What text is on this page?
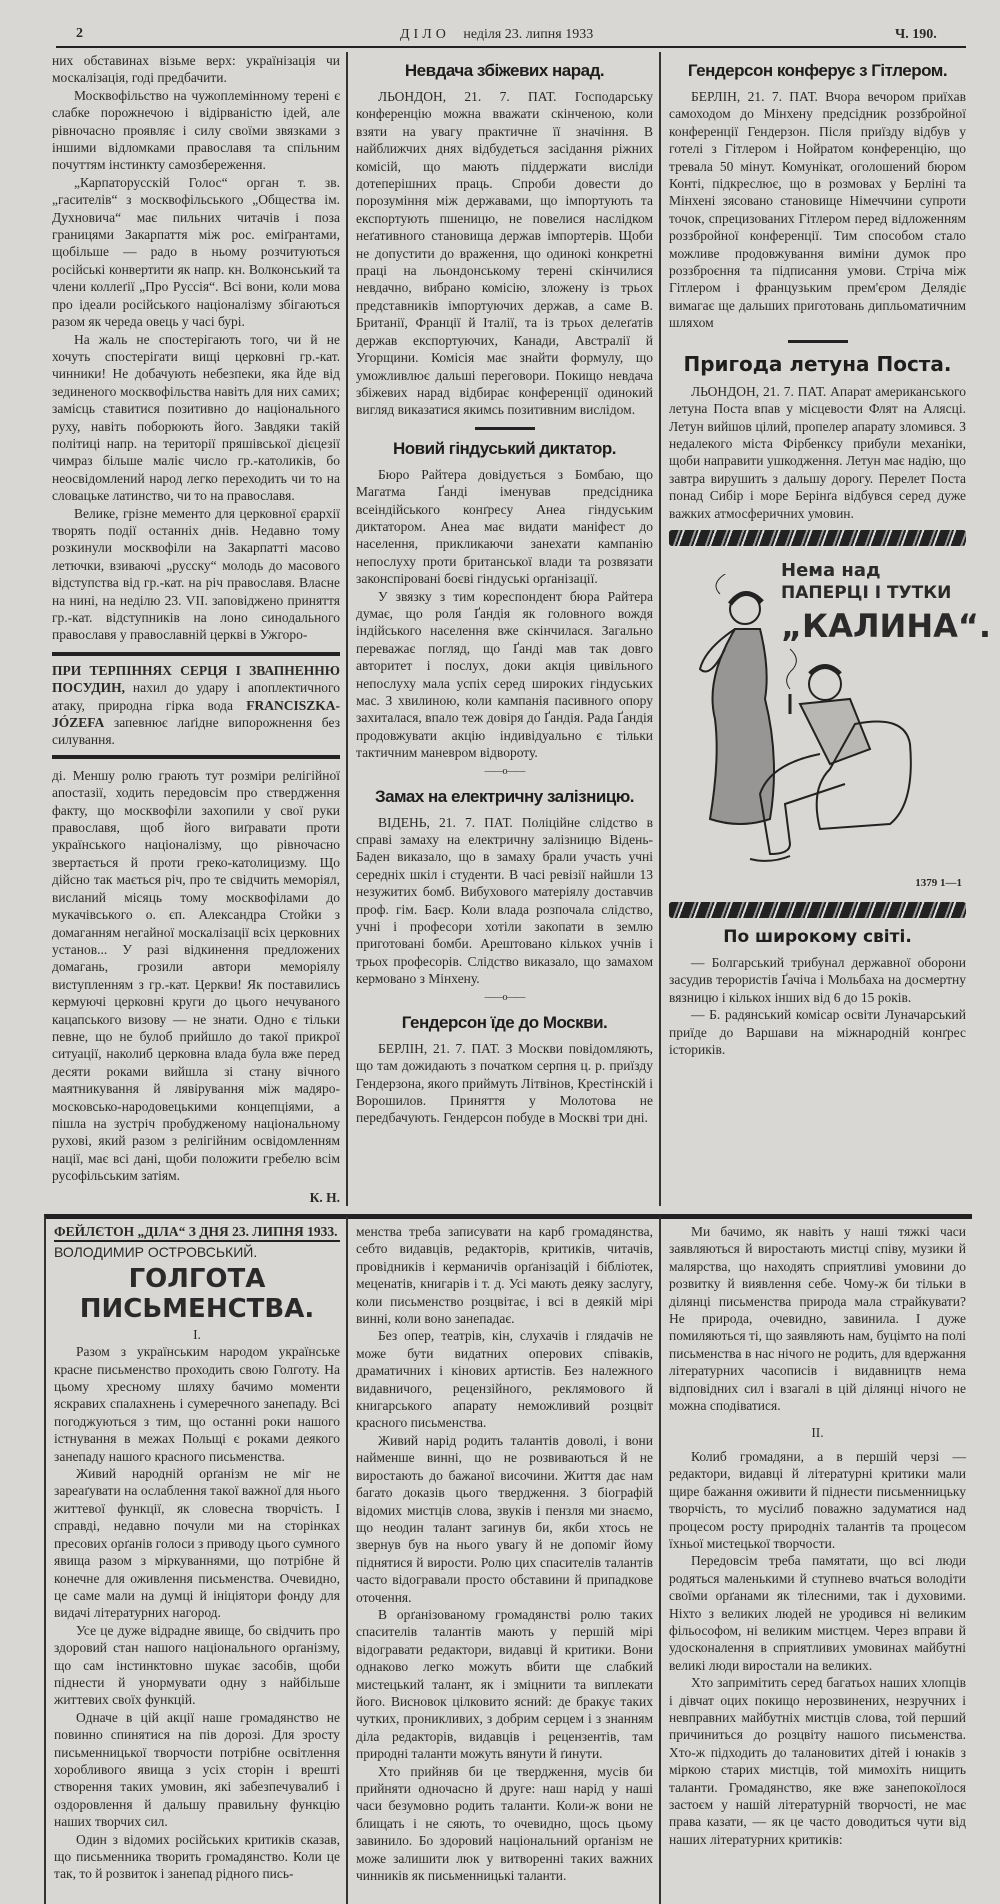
2	ДІЛО неділя 23. липня 1933	Ч. 190.

них обставинах візьме верх: українізація чи москалізація, годі предбачити.

Москвофільство на чужоплемінному терені є слабке порожнечою і відірваністю ідей, але рівночасно проявляє і силу своїми звязками з іншими відломками православя та спільним почуттям інстинкту самозбереження.

„Карпаторусскій Голос“ орган т. зв. „гасителів“ з москвофільського „Общества ім. Духновича“ має пильних читачів і поза границями Закарпаття між рос. еміґрантами, щобільше — радо в ньому розчитуються російські конвертити як напр. кн. Волконський та члени коллеґії „Про Руссія“. Всі вони, коли мова про ідеали російського націоналізму збігаються разом як череда овець у часі бурі.

На жаль не спостерігають того, чи й не хочуть спостерігати вищі церковні гр.-кат. чинники! Не добачують небезпеки, яка йде від зединеного москвофільства навіть для них самих; замісць ставитися позитивно до національного руху, навіть поборюють його. Завдяки такій політиці напр. на території пряшівської дієцезії чимраз більше маліє число гр.-католиків, бо неосвідомлений народ легко переходить чи то на словацьке латинство, чи то на православя.

Велике, грізне мементо для церковної єрархії творять події останніх днів. Недавно тому розкинули москвофіли на Закарпатті масово летючки, взиваючі „русску“ молодь до масового відступства від гр.-кат. на річ православя. Власне на нині, на неділю 23. VII. заповіджено приняття гр.-кат. відступників на лоно синодального православя у православній церкві в Ужгоро-

ПРИ ТЕРПІННЯХ СЕРЦЯ І ЗВАПНЕННЮ ПОСУДИН, нахил до удару і апоплектичного атаку, природна гірка вода FRANCISZKA-JÓZEFA запевнює лаґідне випорожнення без силування.

ді. Меншу ролю грають тут розміри релігійної апостазії, ходить передовсім про ствердження факту, що москвофіли захопили у свої руки православя, щоб його виґравати проти українського націоналізму, що рівночасно звертається й проти греко-католицизму. Що дійсно так мається річ, про те свідчить меморіял, висланий місяць тому москвофілами до мукачівського о. єп. Александра Стойки з домаганням негайної москалізації всіх церковних установ... У разі відкинення предложених домагань, грозили автори меморіялу виступленням з гр.-кат. Церкви! Як поставились кермуючі церковні круги до цього нечуваного кацапського визову — не знати. Одно є тільки певне, що не булоб прийшло до такої прикрої ситуації, наколиб церковна влада була вже перед десяти роками вийшла зі стану вічного маятникування й лявірування між мадяро-московсько-народовецькими концепціями, а пішла на зустріч пробудженому національному рухові, який разом з релігійним освідомленням нації, має всі дані, щоби положити гребелю всім русофільським затіям.

К. Н.
Невдача збіжевих нарад.

ЛЬОНДОН, 21. 7. ПАТ. Господарську конференцію можна вважати скінченою, коли взяти на увагу практичне її значіння. В найближчих днях відбудеться засідання ріжних комісій, що мають піддержати висліди дотеперішних праць. Спроби довести до порозуміння між державами, що імпортують та експортують пшеницю, не повелися наслідком неґативного становища держав імпортерів. Щоби не допустити до враження, що одинокі конкретні праці на льондонському терені скінчилися невдачно, вибрано комісію, зложену із трьох представників імпортуючих держав, а саме В. Британії, Франції й Італії, та із трьох делеґатів держав експортуючих, Канади, Австралії й Угорщини. Комісія має знайти формулу, що уможливлює дальші переговори. Покищо невдача збіжевих нарад відбирає конференції одинокий вигляд виказатися якимсь позитивним вислідом.

Новий гіндуський диктатор.

Бюро Райтера довідується з Бомбаю, що Магатма Ґанді іменував предсідника всеіндійського конґресу Анеа гіндуським диктатором. Анеа має видати маніфест до населення, прикликаючи занехати кампанію непослуху проти британської влади та розвязати законспіровані боєві гіндуські орґанізації.

У звязку з тим кореспондент бюра Райтера думає, що роля Ґандія як головного вождя індійського населення вже скінчилася. Загально переважає погляд, що Ґанді мав так довго авторитет і послух, доки акція цивільного непослуху мала успіх серед широких гіндуських мас. З хвилиною, коли кампанія пасивного опору захиталася, впало теж довіря до Ґандія. Рада Ґандія продовжувати акцію індивідуально є тільки тактичним маневром відвороту.

——o——
Замах на електричну залізницю.

ВІДЕНЬ, 21. 7. ПАТ. Поліційне слідство в справі замаху на електричну залізницю Відень-Баден виказало, що в замаху брали участь учні середніх шкіл і студенти. В часі ревізії найшли 13 незужитих бомб. Вибухового матеріялу доставчив проф. гім. Баєр. Коли влада розпочала слідство, учні і професори хотіли закопати в землю приготовані бомби. Арештовано кількох учнів і трьох професорів. Слідство виказало, що замахом кермовано з Мінхену.

——o——
Гендерсон їде до Москви.

БЕРЛІН, 21. 7. ПАТ. З Москви повідомляють, що там дожидають з початком серпня ц. р. приїзду Гендерзона, якого приймуть Літвінов, Крестінскій і Ворошилов. Приняття у Молотова не передбачують. Гендерсон побуде в Москві три дні.

Гендерсон конферує з Гітлером.

БЕРЛІН, 21. 7. ПАТ. Вчора вечором приїхав самоходом до Мінхену предсідник роззбройної конференції Гендерзон. Після приїзду відбув у готелі з Гітлером і Нойратом конференцію, що тревала 50 мінут. Комунікат, оголошений бюром Конті, підкреслює, що в розмовах у Берліні та Мінхені зясовано становище Німеччини супроти точок, спрецизованих Гітлером перед відложенням роззбройної конференції. Тим способом стало можливе продовжування виміни думок про роззброєння та підписання умови. Стріча між Гітлером і французьким прем'єром Делядіє вимагає ще дальших приготовань дипльоматичним шляхом

Пригода летуна Поста.

ЛЬОНДОН, 21. 7. ПАТ. Апарат американського летуна Поста впав у місцевости Флят на Алясці. Летун вийшов цілий, пропелер апарату зломився. З недалекого міста Фірбенксу прибули механіки, щоби направити ушкодження. Летун має надію, що завтра вирушить з дальшу дорогу. Перелет Поста понад Сибір і море Берінґа відбувся серед дуже важких атмосферичних умовин.

Нема над
ПАПЕРЦІ І ТУТКИ
„КАЛИНА“.
1379 1—1
По широкому світі.

— Болгарський трибунал державної оборони засудив терористів Ґачіча і Мольбаха на досмертну вязницю і кількох інших від 6 до 15 років.

— Б. радянський комісар освіти Луначарський приїде до Варшави на міжнародній конґрес істориків.

ФЕЙЛЄТОН „ДІЛА“ З ДНЯ 23. ЛИПНЯ 1933.
ВОЛОДИМИР ОСТРОВСЬКИЙ.
ГОЛГОТА
ПИСЬМЕНСТВА.
I.

Разом з українським народом українське красне письменство проходить свою Голготу. На цьому хресному шляху бачимо моменти яскравих спалахнень і сумеречного занепаду. Всі погоджуються з тим, що останні роки нашого істнування в межах Польщі є роками деякого занепаду нашого красного письменства.

Живий народній орґанізм не міг не зареаґувати на ослаблення такої важної для нього життевої функції, як словесна творчість. І справді, недавно почули ми на сторінках пресових орґанів голоси з приводу цього сумного явища разом з міркуваннями, що потрібне й конечне для оживлення письменства. Очевидно, це саме мали на думці й ініціятори фонду для видачі літературних нагород.

Усе це дуже відрадне явище, бо свідчить про здоровий стан нашого національного орґанізму, що сам інстинктовно шукає засобів, щоби піднести й унормувати одну з найбільше життевих своїх функцій.

Одначе в цій акції наше громадянство не повинно спинятися на пів дорозі. Для зросту письменницької творчости потрібне освітлення хоробливого явища з усіх сторін і врешті створення таких умовин, які забезпечувалиб і оздоровлення й дальшу правильну функцію наших творчих сил.

Один з відомих російських критиків сказав, що письменника творить громадянство. Коли це так, то й розвиток і занепад рідного пись-

менства треба записувати на карб громадянства, себто видавців, редакторів, критиків, читачів, провідників і керманичів орґанізацій і бібліотек, меценатів, книгарів і т. д. Усі мають деяку заслугу, коли письменство розцвітає, і всі в деякій мірі винні, коли воно занепадає.

Без опер, театрів, кін, слухачів і глядачів не може бути видатних оперових співаків, драматичних і кінових артистів. Без належного видавничого, рецензійного, реклямового й книгарського апарату неможливий розцвіт красного письменства.

Живий нарід родить талантів доволі, і вони найменше винні, що не розвиваються й не виростають до бажаної височини. Життя дає нам багато доказів цього твердження. З біографій відомих мистців слова, звуків і пензля ми знаємо, що неодин талант загинув би, якби хтось не звернув був на нього увагу й не допоміг йому піднятися й вирости. Ролю цих спасителів талантів часто відогравали просто обставини й припадкове оточення.

В орґанізованому громадянстві ролю таких спасителів талантів мають у першій мірі відогравати редактори, видавці й критики. Вони однаково легко можуть вбити ще слабкий мистецький талант, як і зміцнити та виплекати його. Висновок цілковито ясний: де бракує таких чутких, проникливих, з добрим серцем і з знанням діла редакторів, видавців і рецензентів, там природні таланти можуть вянути й ґинути.

Хто прийняв би це твердження, мусів би прийняти одночасно й друге: наш нарід у наші часи безумовно родить таланти. Коли-ж вони не блищать і не сяють, то очевидно, щось цьому завинило. Бо здоровий національний орґанізм не може залишити люк у витворенні таких важних чинників як письменницькі таланти.

Ми бачимо, як навіть у наші тяжкі часи заявляються й виростають мистці співу, музики й малярства, що находять сприятливі умовини до розвитку й виявлення себе. Чому-ж би тільки в ділянці письменства природа мала страйкувати? Не природа, очевидно, завинила. І дуже помиляються ті, що заявляють нам, буцімто на полі письменства в нас нічого не родить, для вдержання літературних часописів і видавництв нема відповідних сил і взагалі в цій ділянці нічого не можна сподіватися.

II.

Колиб громадяни, а в першій черзі — редактори, видавці й літературні критики мали щире бажання оживити й піднести письменницьку творчість, то мусілиб поважно задуматися над процесом росту природніх талантів та процесом їхньої мистецької творчости.

Передовсім треба памятати, що всі люди родяться маленькими й ступнево вчаться володіти своїми орґанами як тілесними, так і духовими. Ніхто з великих людей не уродився ні великим фільософом, ні великим мистцем. Через вправи й удосконалення в сприятливих умовинах майбутні великі люди виростали на великих.

Хто запримітить серед багатьох наших хлопців і дівчат оцих покищо нерозвинених, незручних і невправних майбутніх мистців слова, той перший причиниться до розцвіту нашого письменства. Хто-ж підходить до талановитих дітей і юнаків з міркою старих мистців, той мимохіть нищить таланти. Громадянство, яке вже занепокоїлося застоєм у нашій літературній творчості, не має права казати, — як це часто доводиться чути від наших літературних критиків:
